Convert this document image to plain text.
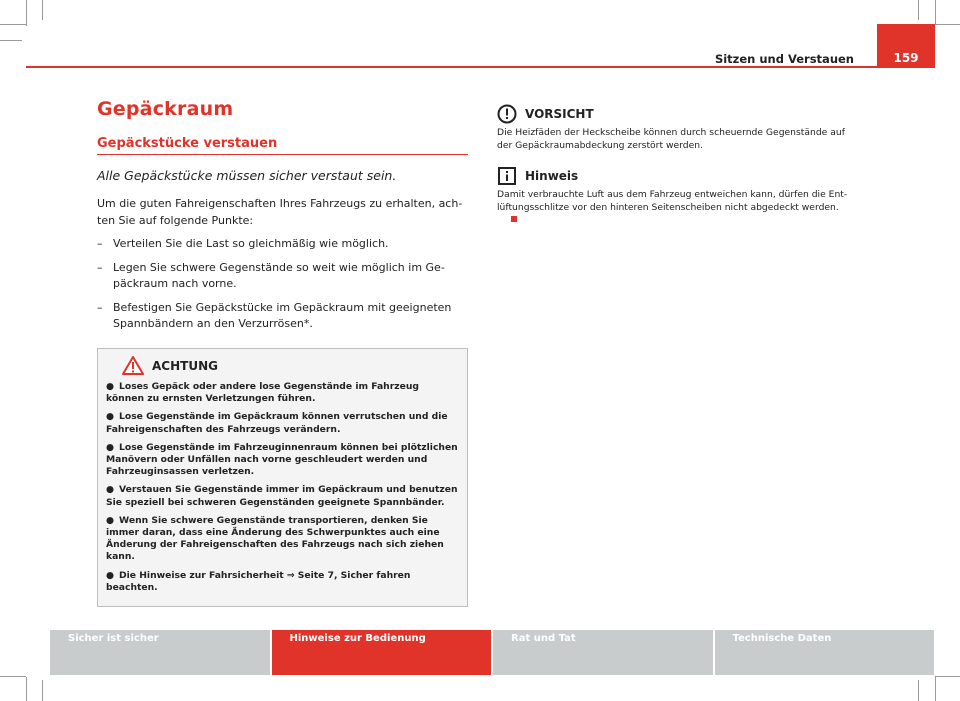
Sitzen und Verstauen	159
Gepäckraum
Gepäckstücke verstauen

Alle Gepäckstücke müssen sicher verstaut sein.

Um die guten Fahreigenschaften Ihres Fahrzeugs zu erhalten, achten Sie auf folgende Punkte:

– Verteilen Sie die Last so gleichmäßig wie möglich.
– Legen Sie schwere Gegenstände so weit wie möglich im Gepäckraum nach vorne.
– Befestigen Sie Gepäckstücke im Gepäckraum mit geeigneten Spannbändern an den Verzurrösen*.
ACHTUNG
● Loses Gepäck oder andere lose Gegenstände im Fahrzeug können zu ernsten Verletzungen führen.
● Lose Gegenstände im Gepäckraum können verrutschen und die Fahreigenschaften des Fahrzeugs verändern.
● Lose Gegenstände im Fahrzeuginnenraum können bei plötzlichen Manövern oder Unfällen nach vorne geschleudert werden und Fahrzeuginsassen verletzen.
● Verstauen Sie Gegenstände immer im Gepäckraum und benutzen Sie speziell bei schweren Gegenständen geeignete Spannbänder.
● Wenn Sie schwere Gegenstände transportieren, denken Sie immer daran, dass eine Änderung des Schwerpunktes auch eine Änderung der Fahreigenschaften des Fahrzeugs nach sich ziehen kann.
● Die Hinweise zur Fahrsicherheit ⇒ Seite 7, Sicher fahren beachten.
VORSICHT
Die Heizfäden der Heckscheibe können durch scheuernde Gegenstände auf der Gepäckraumabdeckung zerstört werden.
Hinweis
Damit verbrauchte Luft aus dem Fahrzeug entweichen kann, dürfen die Entlüftungsschlitze vor den hinteren Seitenscheiben nicht abgedeckt werden.
Sicher ist sicher	Hinweise zur Bedienung	Rat und Tat	Technische Daten
